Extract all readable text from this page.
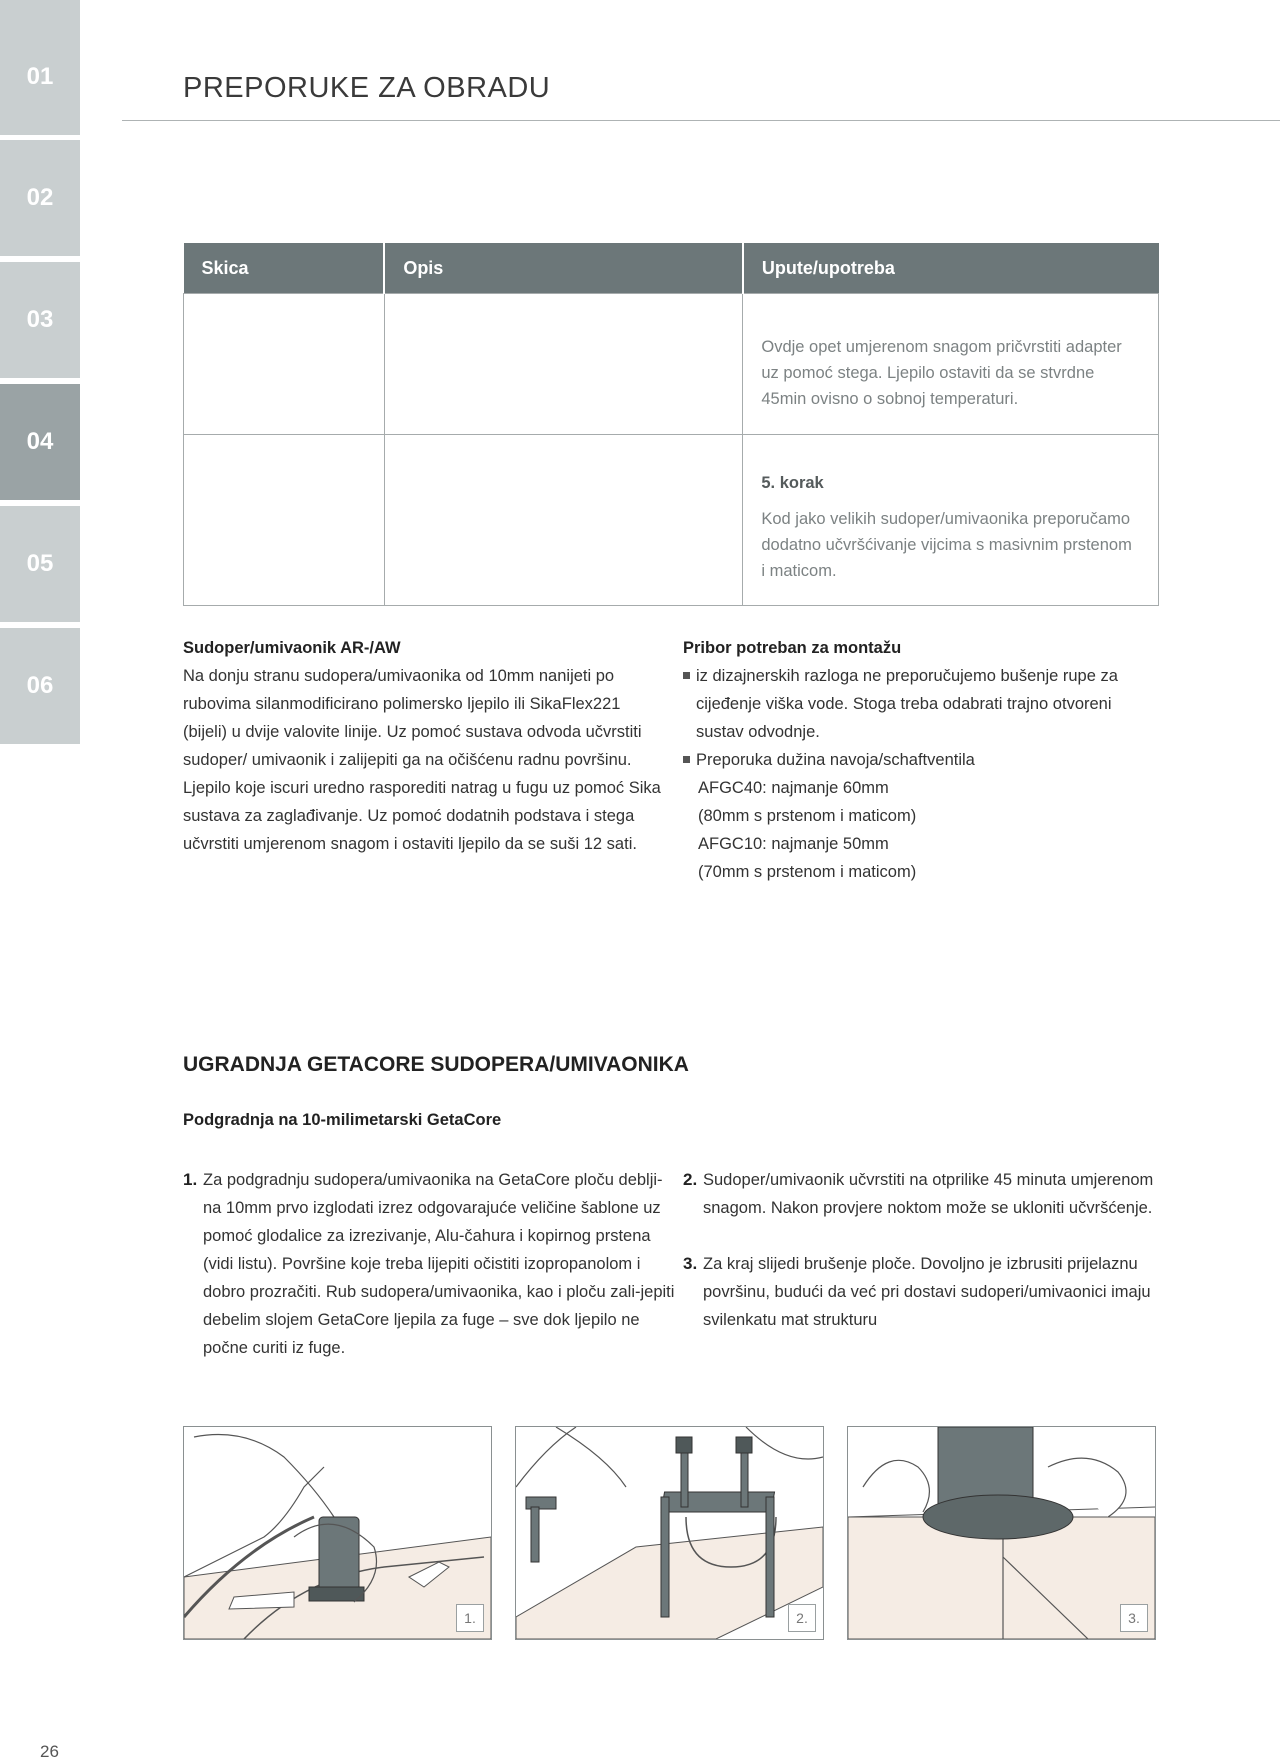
01
02
03
04
05
06
PREPORUKE ZA OBRADU
Skica	Opis	Upute/upotreba

		Ovdje opet umjerenom snagom pričvrstiti adapter uz pomoć stega. Ljepilo ostaviti da se stvrdne 45min ovisno o sobnoj temperaturi.

		5. korak
Kod jako velikih sudoper/umivaonika preporučamo dodatno učvršćivanje vijcima s masivnim prstenom i maticom.
Sudoper/umivaonik AR-/AW

Na donju stranu sudopera/umivaonika od 10mm nanijeti po rubovima silanmodificirano polimersko ljepilo ili SikaFlex221 (bijeli) u dvije valovite linije. Uz pomoć sustava odvoda učvrstiti sudoper/ umivaonik i zalijepiti ga na očišćenu radnu površinu. Ljepilo koje iscuri uredno rasporediti natrag u fugu uz pomoć Sika sustava za zaglađivanje. Uz pomoć dodatnih podstava i stega učvrstiti umjerenom snagom i ostaviti ljepilo da se suši 12 sati.

Pribor potreban za montažu
iz dizajnerskih razloga ne preporučujemo bušenje rupe za cijeđenje viška vode. Stoga treba odabrati trajno otvoreni sustav odvodnje.
Preporuka dužina navoja/schaftventila
AFGC40: najmanje 60mm
(80mm s prstenom i maticom)
AFGC10: najmanje 50mm
(70mm s prstenom i maticom)
UGRADNJA GETACORE SUDOPERA/UMIVAONIKA
Podgradnja na 10-milimetarski GetaCore
1. Za podgradnju sudopera/umivaonika na GetaCore ploču deblji-na 10mm prvo izglodati izrez odgovarajuće veličine šablone uz pomoć glodalice za izrezivanje, Alu-čahura i kopirnog prstena (vidi listu). Površine koje treba lijepiti očistiti izopropanolom i dobro prozračiti. Rub sudopera/umivaonika, kao i ploču zali-jepiti debelim slojem GetaCore ljepila za fuge – sve dok ljepilo ne počne curiti iz fuge.
2. Sudoper/umivaonik učvrstiti na otprilike 45 minuta umjerenom snagom. Nakon provjere noktom može se ukloniti učvršćenje.
3. Za kraj slijedi brušenje ploče. Dovoljno je izbrusiti prijelaznu površinu, budući da već pri dostavi sudoperi/umivaonici imaju svilenkatu mat strukturu
1.	2.	3.
26
